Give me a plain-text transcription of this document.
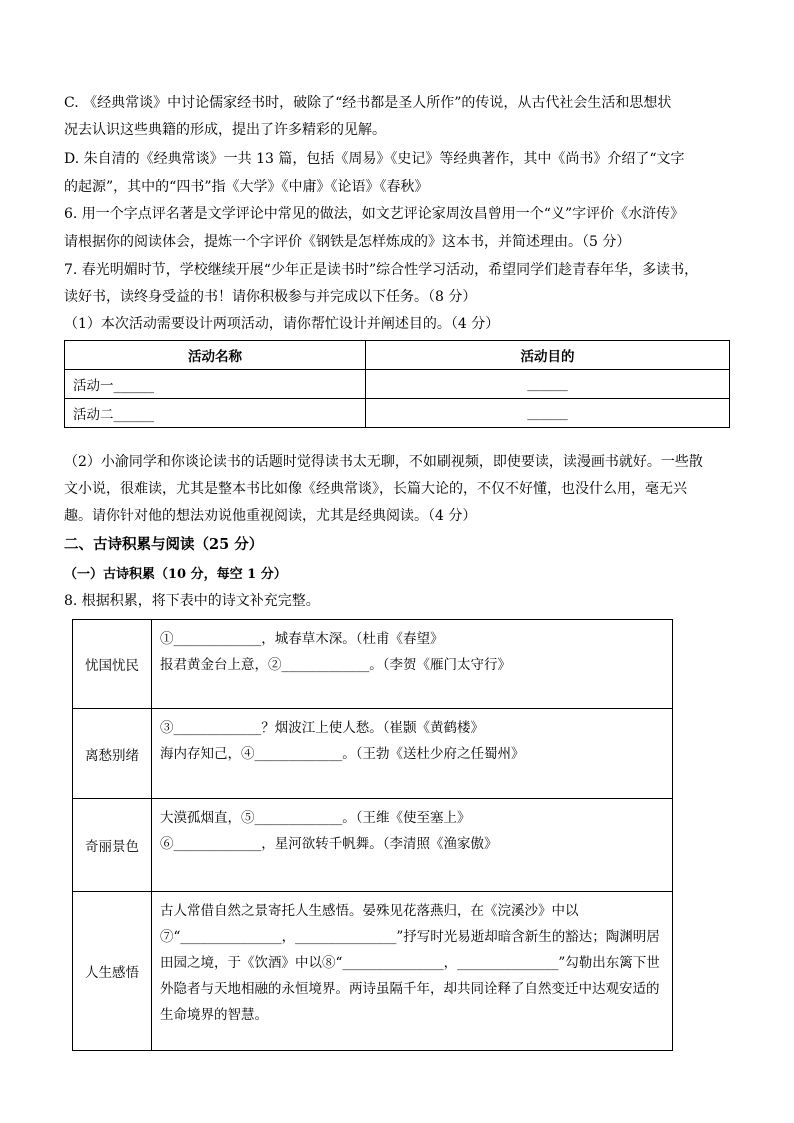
C. 《经典常谈》中讨论儒家经书时，破除了“经书都是圣人所作”的传说，从古代社会生活和思想状
况去认识这些典籍的形成，提出了许多精彩的见解。
D. 朱自清的《经典常谈》一共 13 篇，包括《周易》《史记》等经典著作，其中《尚书》介绍了“文字
的起源”，其中的“四书”指《大学》《中庸》《论语》《春秋》
6. 用一个字点评名著是文学评论中常见的做法，如文艺评论家周汝昌曾用一个“义”字评价《水浒传》
请根据你的阅读体会，提炼一个字评价《钢铁是怎样炼成的》这本书，并简述理由。（5 分）
7. 春光明媚时节，学校继续开展“少年正是读书时”综合性学习活动，希望同学们趁青春年华，多读书，
读好书，读终身受益的书！请你积极参与并完成以下任务。（8 分）
（1）本次活动需要设计两项活动，请你帮忙设计并阐述目的。（4 分）
活动名称	活动目的
活动一______	______
活动二______	______
（2）小渝同学和你谈论读书的话题时觉得读书太无聊，不如刷视频，即使要读，读漫画书就好。一些散
文小说，很难读，尤其是整本书比如像《经典常谈》，长篇大论的，不仅不好懂，也没什么用，毫无兴
趣。请你针对他的想法劝说他重视阅读，尤其是经典阅读。（4 分）
二、古诗积累与阅读（25 分）
（一）古诗积累（10 分，每空 1 分）
8. 根据积累，将下表中的诗文补充完整。
忧国忧民	①_____________，城春草木深。（杜甫《春望》
报君黄金台上意，②_____________。（李贺《雁门太守行》

离愁别绪	③_____________？烟波江上使人愁。（崔颢《黄鹤楼》
海内存知己，④_____________。（王勃《送杜少府之任蜀州》

奇丽景色	大漠孤烟直，⑤_____________。（王维《使至塞上》
⑥_____________，星河欲转千帆舞。（李清照《渔家傲》

人生感悟	古人常借自然之景寄托人生感悟。晏殊见花落燕归，在《浣溪沙》中以⑦“_______________，_______________”抒写时光易逝却暗含新生的豁达；陶渊明居田园之境，于《饮酒》中以⑧“_______________，_______________”勾勒出东篱下世外隐者与天地相融的永恒境界。两诗虽隔千年，却共同诠释了自然变迁中达观安适的生命境界的智慧。
